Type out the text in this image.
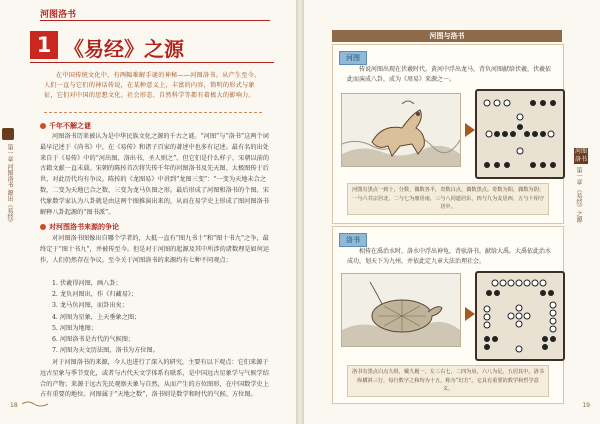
河图洛书
1 《易经》之源
在中国传统文化中，有两幅难解手谜的神秘——河图洛书。从产生至今，人们一直与它们的神话传说，在某种意义上，丰富的内容，简明的形式与象征，它们对中国的思想文化、社会形态、自然科学等都有着极大的影响力。
千年不解之谜
河图洛书历来被认为是中华民族文化之源的千古之谜。“河图”与“洛书”这两个词最早记述于《尚书》中，在《易传》和诸子百家的著述中也多有记述。最有名的出处来自于《易传》中的“河出图，洛出书，圣人则之”。但它们是什么样子，宋朝以前的古籍文献一直未载。宋朝的陈抟首次将失传千年的河图洛书及先天图、太极图传于后世，对此历代均有争议。陈抟的《龙图易》中讲到“龙图三变”：“一变为天地未合之数，二变为天地已合之数，三变为龙马负图之形。最后形成了河图和洛书的个图。宋代象数学家认为八卦就是由这两个图推演出来的，从而在易学史上形成了图河图洛书解释八卦起源的“图书派”。
对河图洛书来源的争论
对河图洛书图像出自哪个学者的，大抵一直有“图九书十”和“图十书九”之争，最终定于“图十书九”，并被传至今。但是对于河图的起源及其中所涉的诸数理是如何运作，人们仍然存在争议。至今关于河图洛书的来源约有七种不同观点：
1. 伏羲得河图，画八卦；
2. 龙负河图出，作《归藏易》；
3. 龙马负河图，而卦出矣；
4. 河图为星象，上天垂象之图；
5. 河图为地图；
6. 河图洛书是古代的气候图；
7. 河图为天文历法图，洛书为方位图。
对于河图洛书的来源，今人也进行了深入的研究，主要有以下观点：它们来源于远古星象与季节变化，或者与古代天文学体系有联系，是中国远古星象学与气候学结合的产物；来源于远古先民观察天象与自然，从而产生的方位图形，在中国数学史上占有重要的地位。河图属于“天地之数”，洛书则是数学和时代的气候、方位图。
第一章 河图洛书 源出《易经》
18
河图与洛书
河图
传说河图出现在伏羲时代。黄河中浮出龙马，背负河图献给伏羲，伏羲依此而演成八卦，成为《周易》来源之一。
河图有黑点一到十，分数、偶数各半，奇数白点，偶数黑点。奇数为阳，偶数为阴；一与六共宗居北，二与七为朋居南，三与八同道居东，四与九为友居西，五与十相守居中。
洛书
相传在禹治水时，洛水中浮出神龟，背驮洛书，献给大禹。大禹依此治水成功，划天下为九州，并依此定九章大法治理社会。
洛书有黑点白点九组，戴九履一，左三右七，二四为肩，六八为足，五居其中。洛书纵横斜三行，每行数字之和均为十五，称为“幻方”。它具有重要的数学和哲学意义。
19
河图洛书
第一章 《易经》之源
